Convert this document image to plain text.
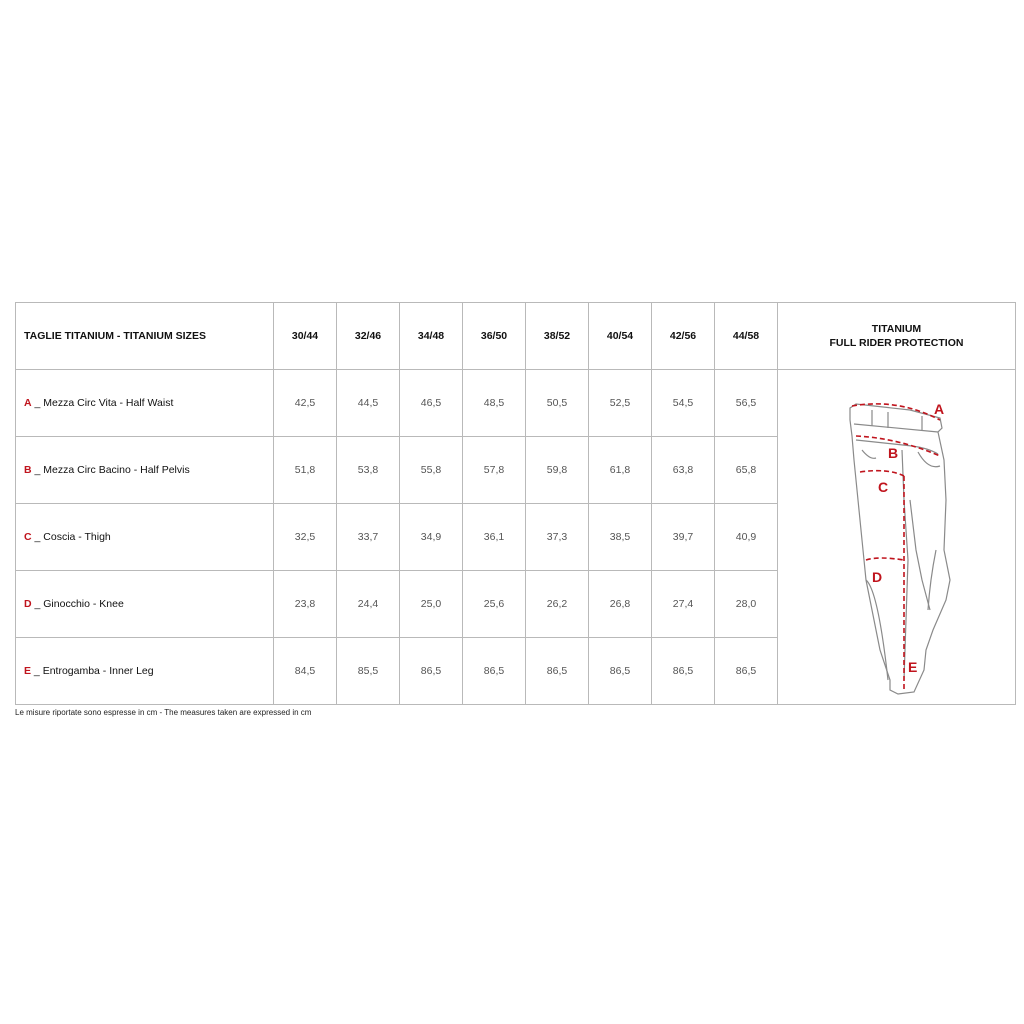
TAGLIE TITANIUM - TITANIUM SIZES	30/44	32/46	34/48	36/50	38/52	40/54	42/56	44/58	TITANIUM
FULL RIDER PROTECTION

A _ Mezza Circ Vita - Half Waist	42,5	44,5	46,5	48,5	50,5	52,5	54,5	56,5	A
B
C
D
E

B _ Mezza Circ Bacino - Half Pelvis	51,8	53,8	55,8	57,8	59,8	61,8	63,8	65,8	
C _ Coscia - Thigh	32,5	33,7	34,9	36,1	37,3	38,5	39,7	40,9	
D _ Ginocchio - Knee	23,8	24,4	25,0	25,6	26,2	26,8	27,4	28,0	
E _ Entrogamba - Inner Leg	84,5	85,5	86,5	86,5	86,5	86,5	86,5	86,5	
Le misure riportate sono espresse in cm - The measures taken are expressed in cm
